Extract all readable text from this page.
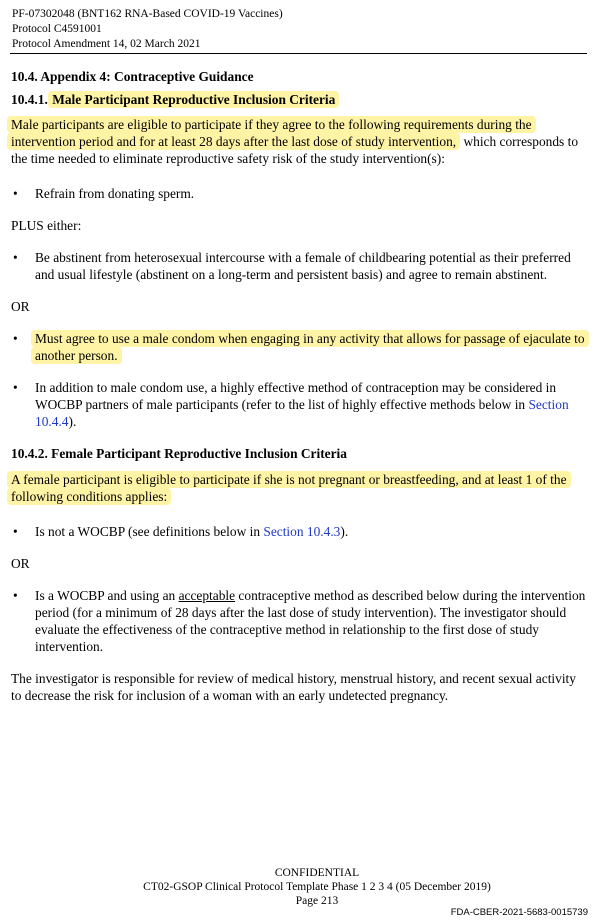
PF-07302048 (BNT162 RNA-Based COVID-19 Vaccines)
Protocol C4591001
Protocol Amendment 14, 02 March 2021
10.4. Appendix 4: Contraceptive Guidance
10.4.1. Male Participant Reproductive Inclusion Criteria

Male participants are eligible to participate if they agree to the following requirements during the intervention period and for at least 28 days after the last dose of study intervention, which corresponds to the time needed to eliminate reproductive safety risk of the study intervention(s):

• Refrain from donating sperm.

PLUS either:

• Be abstinent from heterosexual intercourse with a female of childbearing potential as their preferred and usual lifestyle (abstinent on a long-term and persistent basis) and agree to remain abstinent.

OR

• Must agree to use a male condom when engaging in any activity that allows for passage of ejaculate to another person.
• In addition to male condom use, a highly effective method of contraception may be considered in WOCBP partners of male participants (refer to the list of highly effective methods below in Section 10.4.4).
10.4.2. Female Participant Reproductive Inclusion Criteria

A female participant is eligible to participate if she is not pregnant or breastfeeding, and at least 1 of the following conditions applies:

• Is not a WOCBP (see definitions below in Section 10.4.3).

OR

• Is a WOCBP and using an acceptable contraceptive method as described below during the intervention period (for a minimum of 28 days after the last dose of study intervention). The investigator should evaluate the effectiveness of the contraceptive method in relationship to the first dose of study intervention.

The investigator is responsible for review of medical history, menstrual history, and recent sexual activity to decrease the risk for inclusion of a woman with an early undetected pregnancy.

CONFIDENTIAL
CT02-GSOP Clinical Protocol Template Phase 1 2 3 4 (05 December 2019)
Page 213
FDA-CBER-2021-5683-0015739
